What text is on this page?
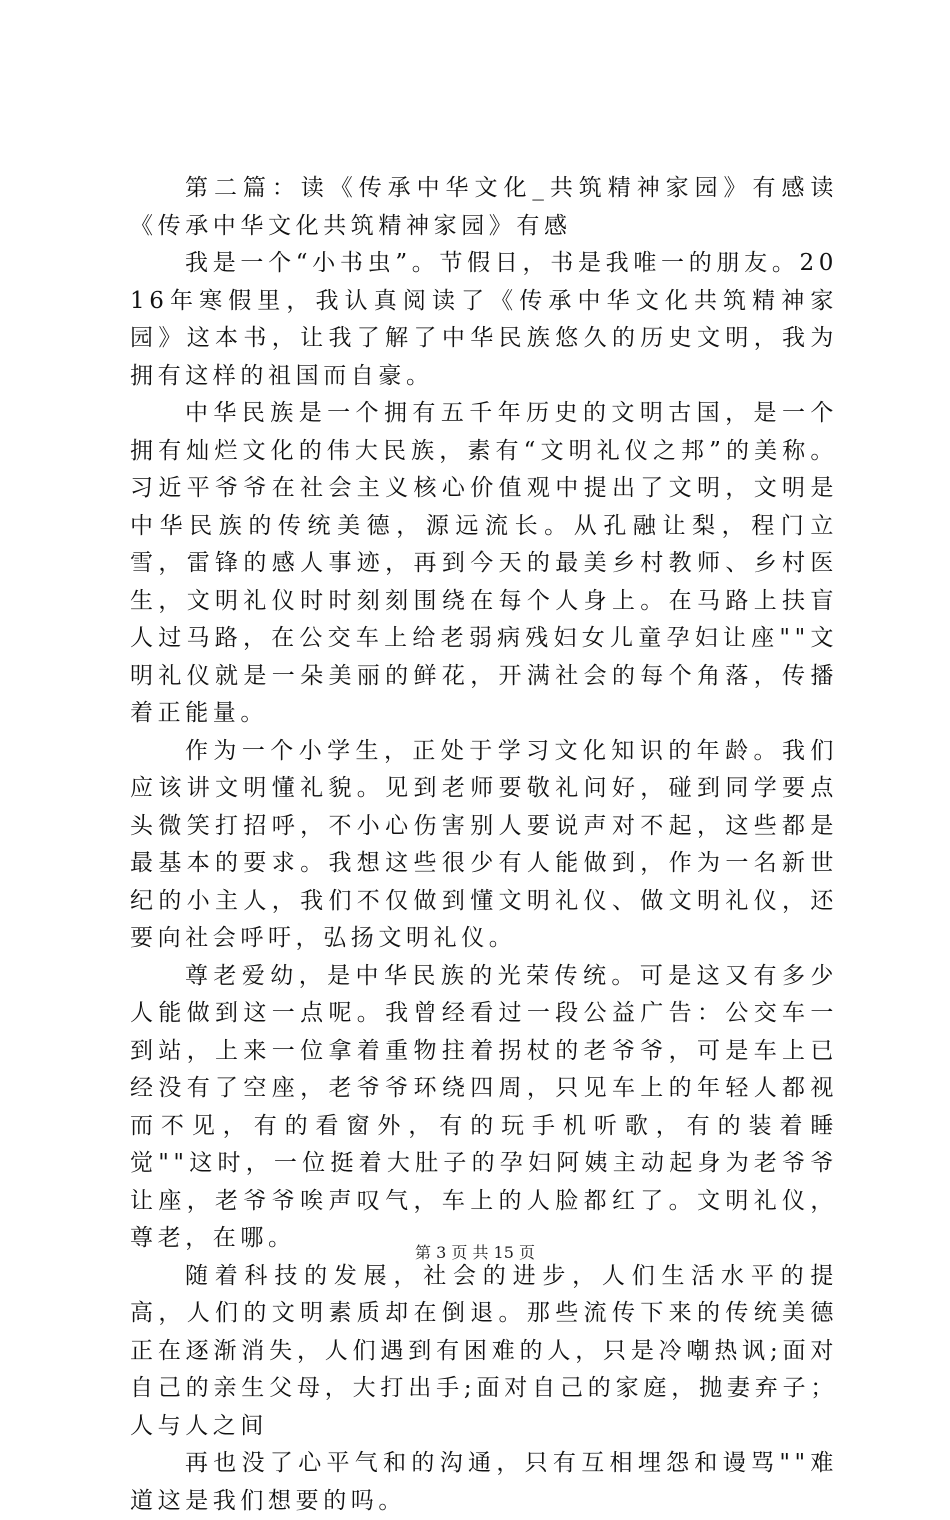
第二篇：读《传承中华文化_共筑精神家园》有感读《传承中华文化共筑精神家园》有感

我是一个“小书虫”。节假日，书是我唯一的朋友。2016年寒假里，我认真阅读了《传承中华文化共筑精神家园》这本书，让我了解了中华民族悠久的历史文明，我为拥有这样的祖国而自豪。

中华民族是一个拥有五千年历史的文明古国，是一个拥有灿烂文化的伟大民族，素有“文明礼仪之邦”的美称。习近平爷爷在社会主义核心价值观中提出了文明，文明是中华民族的传统美德，源远流长。从孔融让梨，程门立雪，雷锋的感人事迹，再到今天的最美乡村教师、乡村医生，文明礼仪时时刻刻围绕在每个人身上。在马路上扶盲人过马路，在公交车上给老弱病残妇女儿童孕妇让座""文明礼仪就是一朵美丽的鲜花，开满社会的每个角落，传播着正能量。

作为一个小学生，正处于学习文化知识的年龄。我们应该讲文明懂礼貌。见到老师要敬礼问好，碰到同学要点头微笑打招呼，不小心伤害别人要说声对不起，这些都是最基本的要求。我想这些很少有人能做到，作为一名新世纪的小主人，我们不仅做到懂文明礼仪、做文明礼仪，还要向社会呼吁，弘扬文明礼仪。

尊老爱幼，是中华民族的光荣传统。可是这又有多少人能做到这一点呢。我曾经看过一段公益广告：公交车一到站，上来一位拿着重物拄着拐杖的老爷爷，可是车上已经没有了空座，老爷爷环绕四周，只见车上的年轻人都视而不见，有的看窗外，有的玩手机听歌，有的装着睡觉""这时，一位挺着大肚子的孕妇阿姨主动起身为老爷爷让座，老爷爷唉声叹气，车上的人脸都红了。文明礼仪，尊老，在哪。

随着科技的发展，社会的进步，人们生活水平的提高，人们的文明素质却在倒退。那些流传下来的传统美德正在逐渐消失，人们遇到有困难的人，只是冷嘲热讽;面对自己的亲生父母，大打出手;面对自己的家庭，抛妻弃子；人与人之间

再也没了心平气和的沟通，只有互相埋怨和谩骂""难道这是我们想要的吗。

第 3 页 共 15 页
